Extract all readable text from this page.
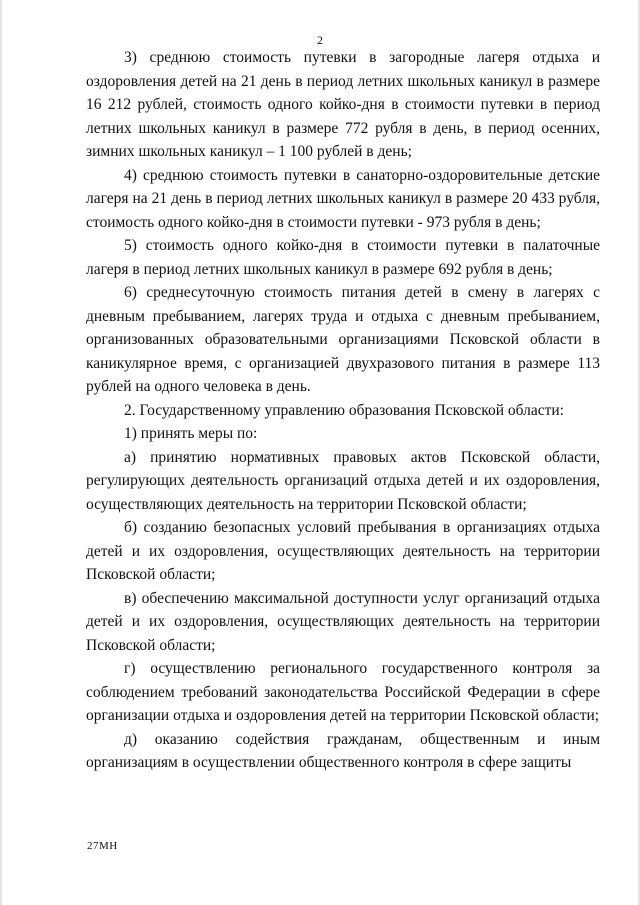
2

3) среднюю стоимость путевки в загородные лагеря отдыха и оздоровления детей на 21 день в период летних школьных каникул в размере 16 212 рублей, стоимость одного койко-дня в стоимости путевки в период летних школьных каникул в размере 772 рубля в день, в период осенних, зимних школьных каникул – 1 100 рублей в день;

4) среднюю стоимость путевки в санаторно-оздоровительные детские лагеря на 21 день в период летних школьных каникул в размере 20 433 рубля, стоимость одного койко-дня в стоимости путевки - 973 рубля в день;

5) стоимость одного койко-дня в стоимости путевки в палаточные лагеря в период летних школьных каникул в размере 692 рубля в день;

6) среднесуточную стоимость питания детей в смену в лагерях с дневным пребыванием, лагерях труда и отдыха с дневным пребыванием, организованных образовательными организациями Псковской области в каникулярное время, с организацией двухразового питания в размере 113 рублей на одного человека в день.

2. Государственному управлению образования Псковской области:

1) принять меры по:

а) принятию нормативных правовых актов Псковской области, регулирующих деятельность организаций отдыха детей и их оздоровления, осуществляющих деятельность на территории Псковской области;

б) созданию безопасных условий пребывания в организациях отдыха детей и их оздоровления, осуществляющих деятельность на территории Псковской области;

в) обеспечению максимальной доступности услуг организаций отдыха детей и их оздоровления, осуществляющих деятельность на территории Псковской области;

г) осуществлению регионального государственного контроля за соблюдением требований законодательства Российской Федерации в сфере организации отдыха и оздоровления детей на территории Псковской области;

д) оказанию содействия гражданам, общественным и иным организациям в осуществлении общественного контроля в сфере защиты

27МН
